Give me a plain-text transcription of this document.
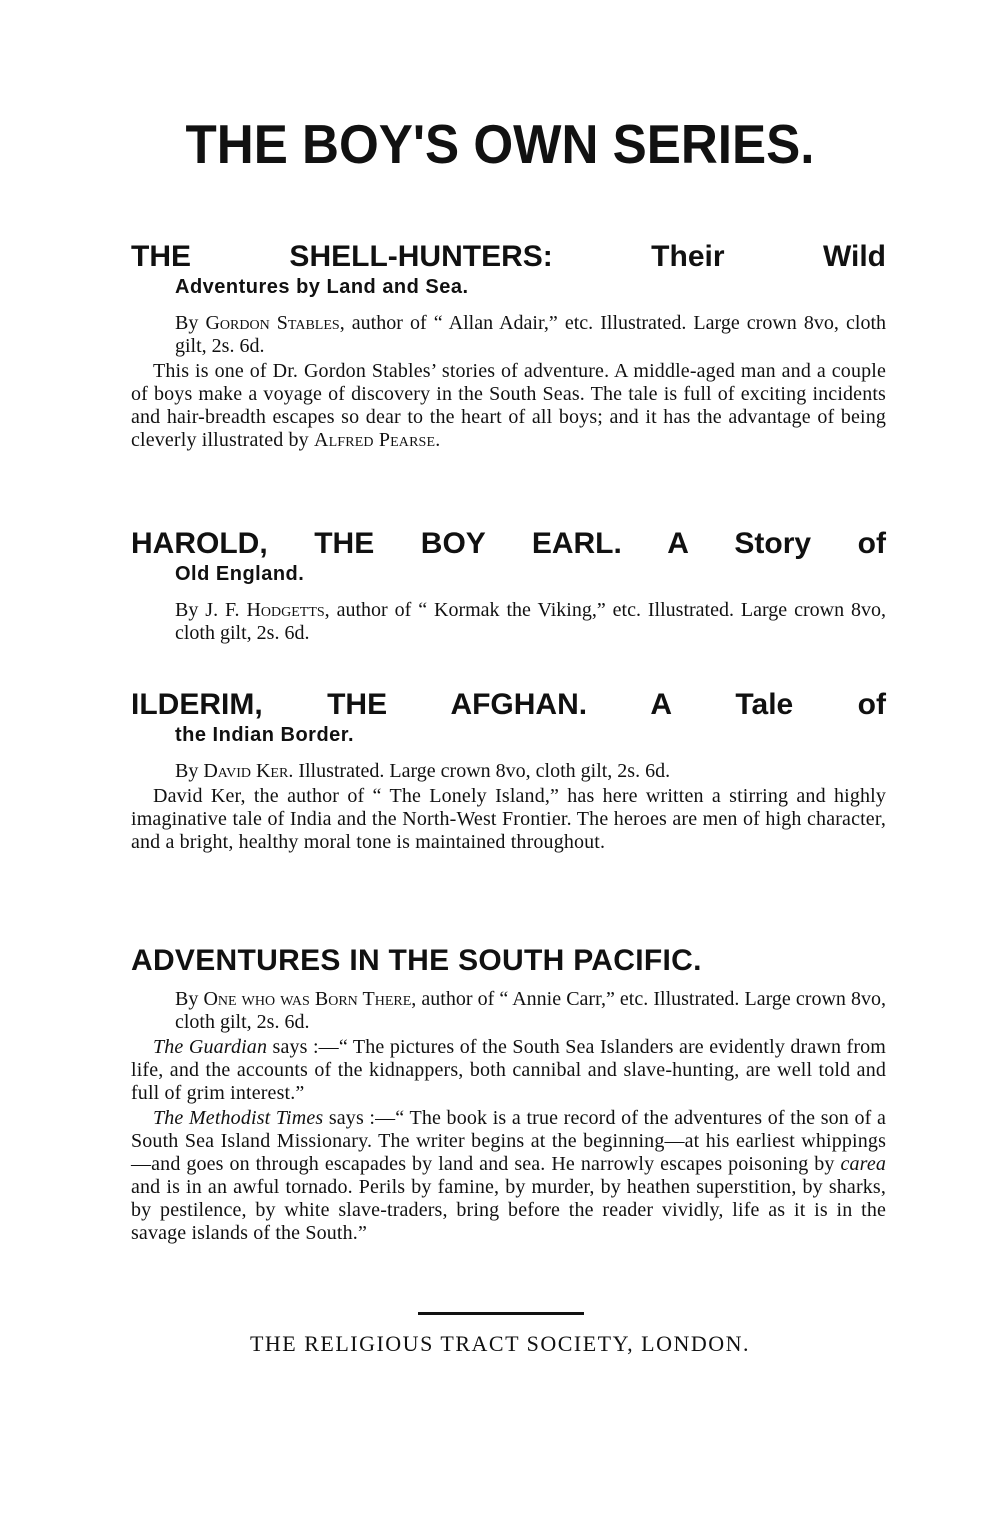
THE BOY'S OWN SERIES.
THE SHELL-HUNTERS: Their Wild
Adventures by Land and Sea.
By Gordon Stables, author of “ Allan Adair,” etc. Illustrated. Large crown 8vo, cloth gilt, 2s. 6d.
This is one of Dr. Gordon Stables’ stories of adventure. A middle-aged man and a couple of boys make a voyage of discovery in the South Seas. The tale is full of exciting incidents and hair-breadth escapes so dear to the heart of all boys; and it has the advantage of being cleverly illustrated by Alfred Pearse.
HAROLD, THE BOY EARL. A Story of
Old England.
By J. F. Hodgetts, author of “ Kormak the Viking,” etc. Illustrated. Large crown 8vo, cloth gilt, 2s. 6d.
ILDERIM, THE AFGHAN. A Tale of
the Indian Border.
By David Ker. Illustrated. Large crown 8vo, cloth gilt, 2s. 6d.
David Ker, the author of “ The Lonely Island,” has here written a stirring and highly imaginative tale of India and the North-West Frontier. The heroes are men of high character, and a bright, healthy moral tone is maintained throughout.
ADVENTURES IN THE SOUTH PACIFIC.
By One who was Born There, author of “ Annie Carr,” etc. Illustrated. Large crown 8vo, cloth gilt, 2s. 6d.
The Guardian says :—“ The pictures of the South Sea Islanders are evidently drawn from life, and the accounts of the kidnappers, both cannibal and slave-hunting, are well told and full of grim interest.”
The Methodist Times says :—“ The book is a true record of the adventures of the son of a South Sea Island Missionary. The writer begins at the beginning—at his earliest whippings—and goes on through escapades by land and sea. He narrowly escapes poisoning by carea and is in an awful tornado. Perils by famine, by murder, by heathen superstition, by sharks, by pestilence, by white slave-traders, bring before the reader vividly, life as it is in the savage islands of the South.”
THE RELIGIOUS TRACT SOCIETY, LONDON.
